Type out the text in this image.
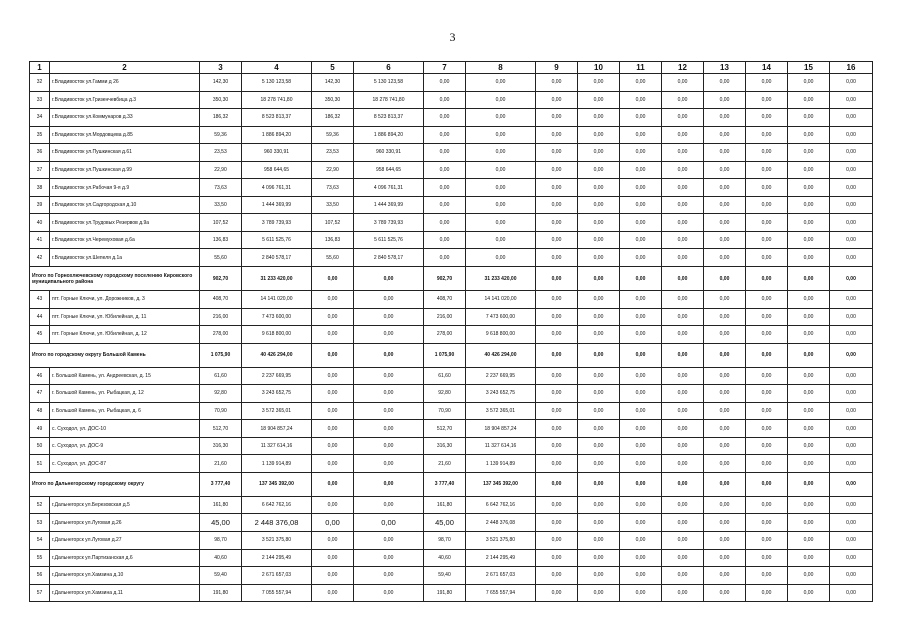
3
1	2	3	4	5	6	7	8	9	10	11	12	13	14	15	16
32	г.Владивосток ул.Гамми д 26	142,30	5 130 123,58	142,30	5 130 123,58	0,00	0,00	0,00	0,00	0,00	0,00	0,00	0,00	0,00	0,00
33	г.Владивосток ул.Гризенчевбица д.3	350,30	18 278 741,80	350,30	18 278 741,80	0,00	0,00	0,00	0,00	0,00	0,00	0,00	0,00	0,00	0,00
34	г.Владивосток ул.Коммунаров д.33	186,32	8 523 813,37	186,32	8 523 813,37	0,00	0,00	0,00	0,00	0,00	0,00	0,00	0,00	0,00	0,00
35	г.Владивосток ул.Мордовцева д.85	59,36	1 886 894,20	59,36	1 886 894,20	0,00	0,00	0,00	0,00	0,00	0,00	0,00	0,00	0,00	0,00
36	г.Владивосток ул.Пушкинская д.61	23,53	960 330,91	23,53	960 330,91	0,00	0,00	0,00	0,00	0,00	0,00	0,00	0,00	0,00	0,00
37	г.Владивосток ул.Пушкинская д.99	22,90	958 644,65	22,90	958 644,65	0,00	0,00	0,00	0,00	0,00	0,00	0,00	0,00	0,00	0,00
38	г.Владивосток ул.Рабочая 9-я д.9	73,63	4 096 761,31	73,63	4 096 761,31	0,00	0,00	0,00	0,00	0,00	0,00	0,00	0,00	0,00	0,00
39	г.Владивосток ул.Садгородская д.10	33,50	1 444 369,99	33,50	1 444 369,99	0,00	0,00	0,00	0,00	0,00	0,00	0,00	0,00	0,00	0,00
40	г.Владивосток ул.Трудовых Резервов д.9а	107,52	3 789 739,93	107,52	3 789 739,93	0,00	0,00	0,00	0,00	0,00	0,00	0,00	0,00	0,00	0,00
41	г.Владивосток ул.Черемуховая д.6а	136,83	5 611 525,76	136,83	5 611 525,76	0,00	0,00	0,00	0,00	0,00	0,00	0,00	0,00	0,00	0,00
42	г.Владивосток ул.Шепеля д.1а	55,60	2 840 578,17	55,60	2 840 578,17	0,00	0,00	0,00	0,00	0,00	0,00	0,00	0,00	0,00	0,00
Итого по Горнохлючевскому городскому поселению Кировского муниципального района		902,70	31 233 420,00	0,00	0,00	902,70	31 233 420,00	0,00	0,00	0,00	0,00	0,00	0,00	0,00	0,00
43	пгт. Горные Ключи, ул. Дорожников, д. 3	408,70	14 141 020,00	0,00	0,00	408,70	14 141 020,00	0,00	0,00	0,00	0,00	0,00	0,00	0,00	0,00
44	пгт. Горные Ключи, ул. Юбилейная, д. 11	216,00	7 473 600,00	0,00	0,00	216,00	7 473 600,00	0,00	0,00	0,00	0,00	0,00	0,00	0,00	0,00
45	пгт. Горные Ключи, ул. Юбилейная, д. 12	278,00	9 618 800,00	0,00	0,00	278,00	9 618 800,00	0,00	0,00	0,00	0,00	0,00	0,00	0,00	0,00
Итого по городскому округу Большой Камень		1 075,90	40 426 294,00	0,00	0,00	1 075,90	40 426 294,00	0,00	0,00	0,00	0,00	0,00	0,00	0,00	0,00
46	г. Большой Камень, ул. Андреевская, д. 15	61,60	2 237 669,95	0,00	0,00	61,60	2 237 669,95	0,00	0,00	0,00	0,00	0,00	0,00	0,00	0,00
47	г. Большой Камень, ул. Рыбацкая, д. 12	92,80	3 243 652,75	0,00	0,00	92,80	3 243 652,75	0,00	0,00	0,00	0,00	0,00	0,00	0,00	0,00
48	г. Большой Камень, ул. Рыбацкая, д. 6	70,90	3 572 365,01	0,00	0,00	70,90	3 572 365,01	0,00	0,00	0,00	0,00	0,00	0,00	0,00	0,00
49	с. Суходол, ул. ДОС-10	512,70	18 904 857,24	0,00	0,00	512,70	18 904 857,24	0,00	0,00	0,00	0,00	0,00	0,00	0,00	0,00
50	с. Суходол, ул. ДОС-9	316,30	11 327 614,16	0,00	0,00	316,30	11 327 614,16	0,00	0,00	0,00	0,00	0,00	0,00	0,00	0,00
51	с. Суходол, ул. ДОС-87	21,60	1 139 914,89	0,00	0,00	21,60	1 139 914,89	0,00	0,00	0,00	0,00	0,00	0,00	0,00	0,00
Итого по Дальнегорскому городскому округу		3 777,40	137 345 392,00	0,00	0,00	3 777,40	137 345 392,00	0,00	0,00	0,00	0,00	0,00	0,00	0,00	0,00
52	г.Дальнегорск ул.Березовская д.5	161,80	6 642 762,16	0,00	0,00	161,80	6 642 762,16	0,00	0,00	0,00	0,00	0,00	0,00	0,00	0,00
53	г.Дальнегорск ул.Луговая д.26	45,00	2 448 376,08	0,00	0,00	45,00	2 448 376,08	0,00	0,00	0,00	0,00	0,00	0,00	0,00	0,00
54	г.Дальнегорск ул.Луговая д.27	98,70	3 521 375,80	0,00	0,00	98,70	3 521 375,80	0,00	0,00	0,00	0,00	0,00	0,00	0,00	0,00
55	г.Дальнегорск ул.Партизанская д.6	40,60	2 144 295,49	0,00	0,00	40,60	2 144 295,49	0,00	0,00	0,00	0,00	0,00	0,00	0,00	0,00
56	г.Дальнегорск ул.Хамзина д.10	59,40	2 671 657,03	0,00	0,00	59,40	2 671 657,03	0,00	0,00	0,00	0,00	0,00	0,00	0,00	0,00
57	г.Дальнегорск ул.Хамзина д.11	191,80	7 055 557,94	0,00	0,00	191,80	7 655 557,94	0,00	0,00	0,00	0,00	0,00	0,00	0,00	0,00
